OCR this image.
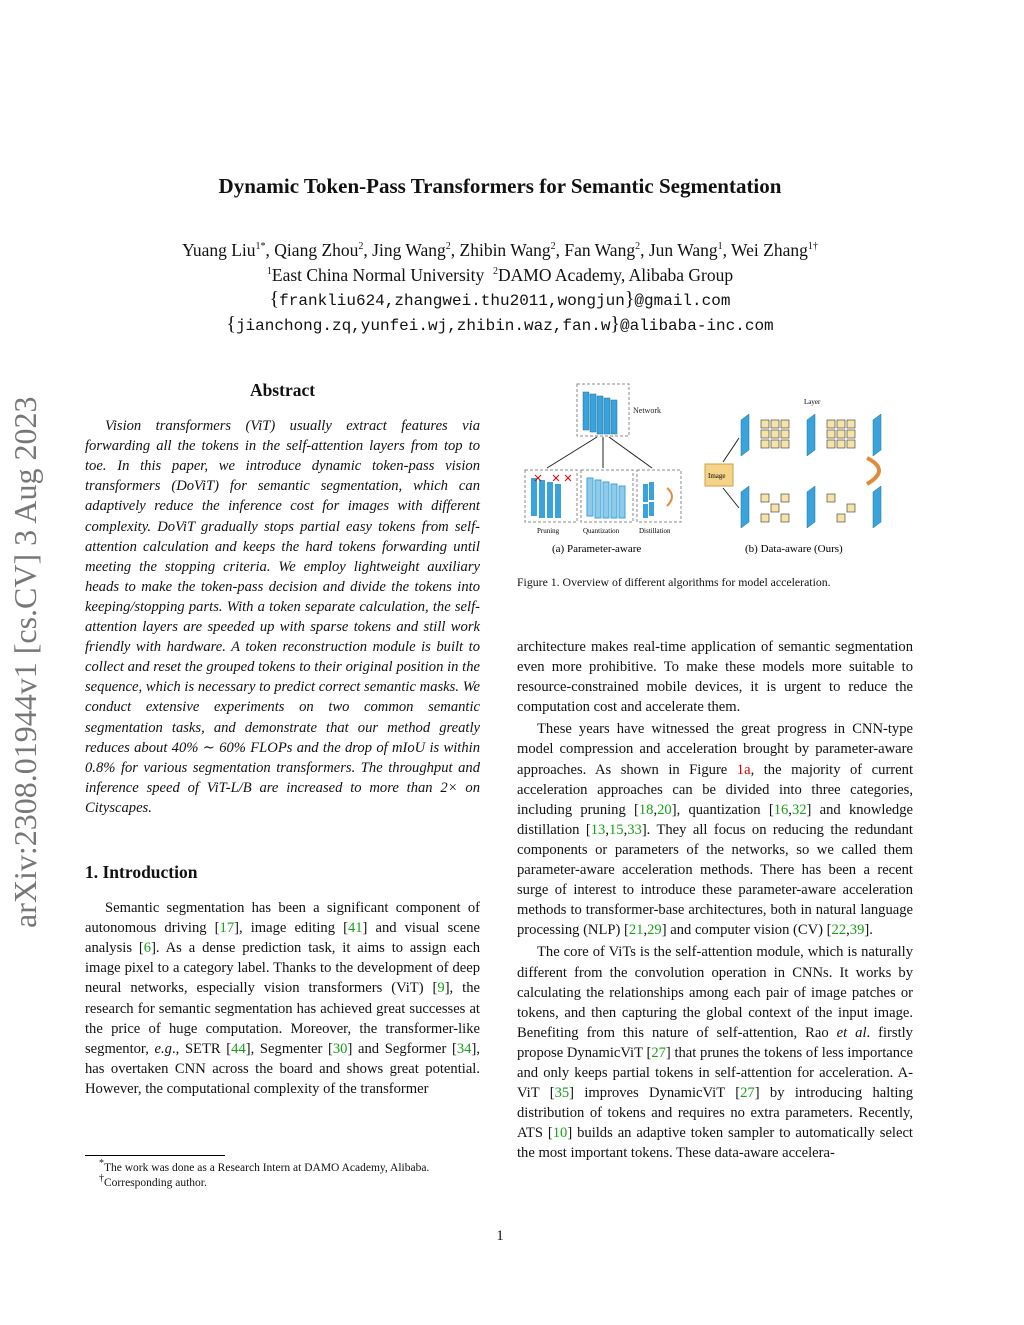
Dynamic Token-Pass Transformers for Semantic Segmentation
Yuang Liu$^{1*}$, Qiang Zhou$^2$, Jing Wang$^2$, Zhibin Wang$^2$, Fan Wang$^2$, Jun Wang$^1$, Wei Zhang$^{1\dagger}$
$^1$East China Normal University $^2$DAMO Academy, Alibaba Group
{frankliu624,zhangwei.thu2011,wongjun}@gmail.com
{jianchong.zq,yunfei.wj,zhibin.waz,fan.w}@alibaba-inc.com
arXiv:2308.01944v1 [cs.CV] 3 Aug 2023
Abstract

Vision transformers (ViT) usually extract features via forwarding all the tokens in the self-attention layers from top to toe. In this paper, we introduce dynamic token-pass vision transformers (DoViT) for semantic segmentation, which can adaptively reduce the inference cost for images with different complexity. DoViT gradually stops partial easy tokens from self-attention calculation and keeps the hard tokens forwarding until meeting the stopping criteria. We employ lightweight auxiliary heads to make the token-pass decision and divide the tokens into keeping/stopping parts. With a token separate calculation, the self-attention layers are speeded up with sparse tokens and still work friendly with hardware. A token reconstruction module is built to collect and reset the grouped tokens to their original position in the sequence, which is necessary to predict correct semantic masks. We conduct extensive experiments on two common semantic segmentation tasks, and demonstrate that our method greatly reduces about 40% ∼ 60% FLOPs and the drop of mIoU is within 0.8% for various segmentation transformers. The throughput and inference speed of ViT-L/B are increased to more than 2× on Cityscapes.

1. Introduction

Semantic segmentation has been a significant component of autonomous driving [17], image editing [41] and visual scene analysis [6]. As a dense prediction task, it aims to assign each image pixel to a category label. Thanks to the development of deep neural networks, especially vision transformers (ViT) [9], the research for semantic segmentation has achieved great successes at the price of huge computation. Moreover, the transformer-like segmentor, e.g., SETR [44], Segmenter [30] and Segformer [34], has overtaken CNN across the board and shows great potential. However, the computational complexity of the transformer

*The work was done as a Research Intern at DAMO Academy, Alibaba.
†Corresponding author.
Network
Pruning	Quantization	Distillation
(a) Parameter-aware
Image
Layer
(b) Data-aware (Ours)
Figure 1. Overview of different algorithms for model acceleration.

architecture makes real-time application of semantic segmentation even more prohibitive. To make these models more suitable to resource-constrained mobile devices, it is urgent to reduce the computation cost and accelerate them.

These years have witnessed the great progress in CNN-type model compression and acceleration brought by parameter-aware approaches. As shown in Figure 1a, the majority of current acceleration approaches can be divided into three categories, including pruning [18,20], quantization [16,32] and knowledge distillation [13,15,33]. They all focus on reducing the redundant components or parameters of the networks, so we called them parameter-aware acceleration methods. There has been a recent surge of interest to introduce these parameter-aware acceleration methods to transformer-base architectures, both in natural language processing (NLP) [21,29] and computer vision (CV) [22,39].

The core of ViTs is the self-attention module, which is naturally different from the convolution operation in CNNs. It works by calculating the relationships among each pair of image patches or tokens, and then capturing the global context of the input image. Benefiting from this nature of self-attention, Rao et al. firstly propose DynamicViT [27] that prunes the tokens of less importance and only keeps partial tokens in self-attention for acceleration. A-ViT [35] improves DynamicViT [27] by introducing halting distribution of tokens and requires no extra parameters. Recently, ATS [10] builds an adaptive token sampler to automatically select the most important tokens. These data-aware accelera-

1
